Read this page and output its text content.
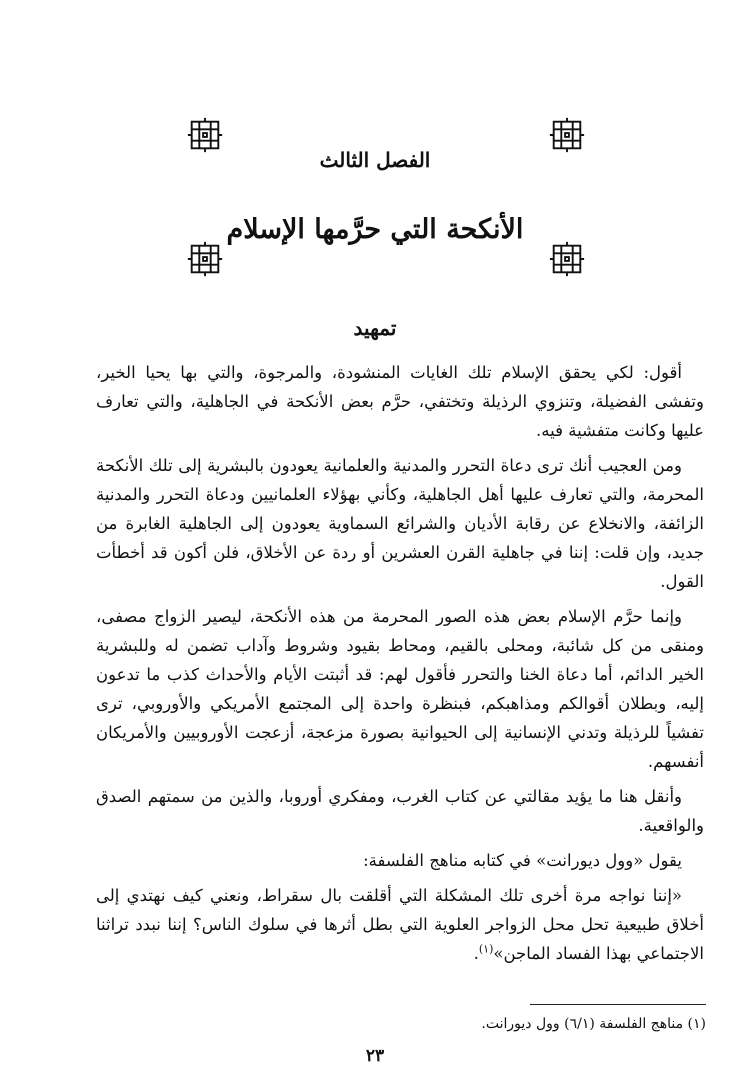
الفصل الثالث
الأنكحة التي حرَّمها الإسلام
تمهيد

أقول: لكي يحقق الإسلام تلك الغايات المنشودة، والمرجوة، والتي بها يحيا الخير، وتفشى الفضيلة، وتنزوي الرذيلة وتختفي، حرَّم بعض الأنكحة في الجاهلية، والتي تعارف عليها وكانت متفشية فيه.

ومن العجيب أنك ترى دعاة التحرر والمدنية والعلمانية يعودون بالبشرية إلى تلك الأنكحة المحرمة، والتي تعارف عليها أهل الجاهلية، وكأني بهؤلاء العلمانيين ودعاة التحرر والمدنية الزائفة، والانخلاع عن رقابة الأديان والشرائع السماوية يعودون إلى الجاهلية الغابرة من جديد، وإن قلت: إننا في جاهلية القرن العشرين أو ردة عن الأخلاق، فلن أكون قد أخطأت القول.

وإنما حرَّم الإسلام بعض هذه الصور المحرمة من هذه الأنكحة، ليصير الزواج مصفى، ومنقى من كل شائبة، ومحلى بالقيم، ومحاط بقيود وشروط وآداب تضمن له وللبشرية الخير الدائم، أما دعاة الخنا والتحرر فأقول لهم: قد أثبتت الأيام والأحداث كذب ما تدعون إليه، وبطلان أقوالكم ومذاهبكم، فبنظرة واحدة إلى المجتمع الأمريكي والأوروبي، ترى تفشياً للرذيلة وتدني الإنسانية إلى الحيوانية بصورة مزعجة، أزعجت الأوروبيين والأمريكان أنفسهم.

وأنقل هنا ما يؤيد مقالتي عن كتاب الغرب، ومفكري أوروبا، والذين من سمتهم الصدق والواقعية.

يقول «وول ديورانت» في كتابه مناهج الفلسفة:

«إننا نواجه مرة أخرى تلك المشكلة التي أقلقت بال سقراط، ونعني كيف نهتدي إلى أخلاق طبيعية تحل محل الزواجر العلوية التي بطل أثرها في سلوك الناس؟ إننا نبدد تراثنا الاجتماعي بهذا الفساد الماجن»$^{(١)}$.

(١) مناهج الفلسفة (٦/١) وول ديورانت.
٢٣
